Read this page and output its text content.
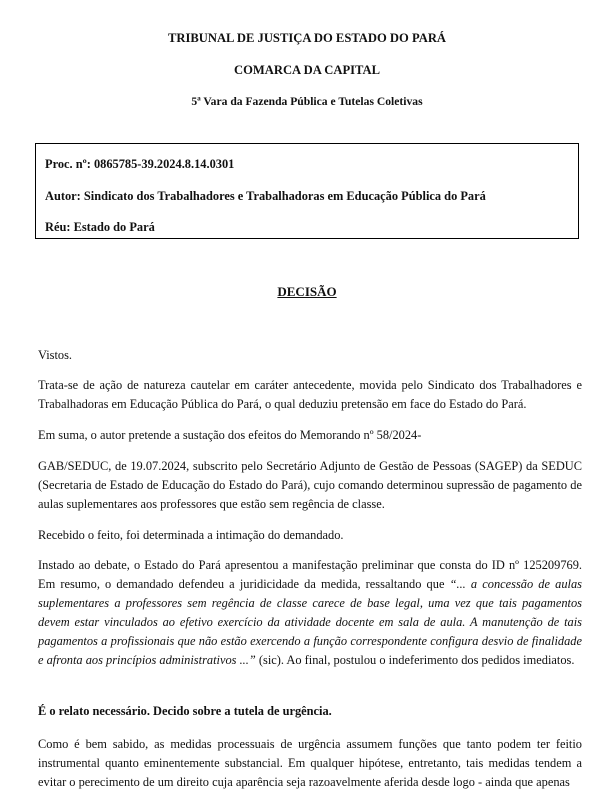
TRIBUNAL DE JUSTIÇA DO ESTADO DO PARÁ
COMARCA DA CAPITAL
5ª Vara da Fazenda Pública e Tutelas Coletivas
Proc. nº: 0865785-39.2024.8.14.0301
Autor: Sindicato dos Trabalhadores e Trabalhadoras em Educação Pública do Pará
Réu: Estado do Pará
DECISÃO

Vistos.

Trata-se de ação de natureza cautelar em caráter antecedente, movida pelo Sindicato dos Trabalhadores e Trabalhadoras em Educação Pública do Pará, o qual deduziu pretensão em face do Estado do Pará.

Em suma, o autor pretende a sustação dos efeitos do Memorando nº 58/2024-

GAB/SEDUC, de 19.07.2024, subscrito pelo Secretário Adjunto de Gestão de Pessoas (SAGEP) da SEDUC (Secretaria de Estado de Educação do Estado do Pará), cujo comando determinou supressão de pagamento de aulas suplementares aos professores que estão sem regência de classe.

Recebido o feito, foi determinada a intimação do demandado.

Instado ao debate, o Estado do Pará apresentou a manifestação preliminar que consta do ID nº 125209769. Em resumo, o demandado defendeu a juridicidade da medida, ressaltando que “... a concessão de aulas suplementares a professores sem regência de classe carece de base legal, uma vez que tais pagamentos devem estar vinculados ao efetivo exercício da atividade docente em sala de aula. A manutenção de tais pagamentos a profissionais que não estão exercendo a função correspondente configura desvio de finalidade e afronta aos princípios administrativos ...” (sic). Ao final, postulou o indeferimento dos pedidos imediatos.

É o relato necessário. Decido sobre a tutela de urgência.

Como é bem sabido, as medidas processuais de urgência assumem funções que tanto podem ter feitio instrumental quanto eminentemente substancial. Em qualquer hipótese, entretanto, tais medidas tendem a evitar o perecimento de um direito cuja aparência seja razoavelmente aferida desde logo - ainda que apenas
